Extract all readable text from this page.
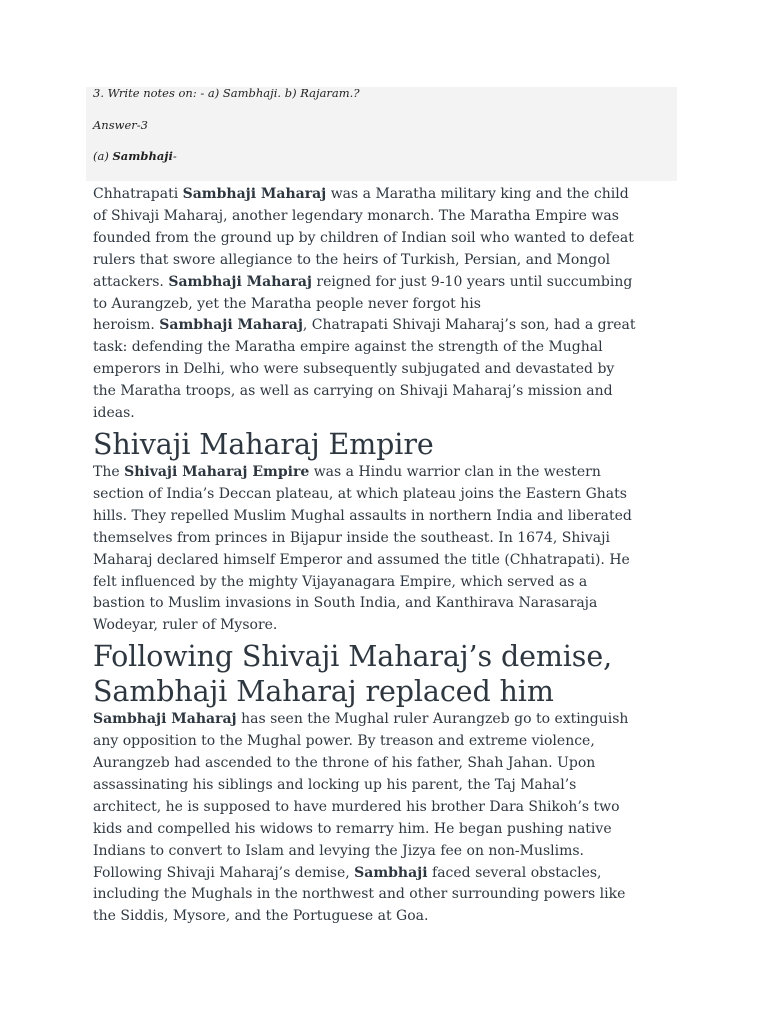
3. Write notes on: - a) Sambhaji. b) Rajaram.?
Answer-3
(a) Sambhaji-

Chhatrapati Sambhaji Maharaj was a Maratha military king and the child
of Shivaji Maharaj, another legendary monarch. The Maratha Empire was
founded from the ground up by children of Indian soil who wanted to defeat
rulers that swore allegiance to the heirs of Turkish, Persian, and Mongol
attackers. Sambhaji Maharaj reigned for just 9-10 years until succumbing
to Aurangzeb, yet the Maratha people never forgot his
heroism. Sambhaji Maharaj, Chatrapati Shivaji Maharaj’s son, had a great
task: defending the Maratha empire against the strength of the Mughal
emperors in Delhi, who were subsequently subjugated and devastated by
the Maratha troops, as well as carrying on Shivaji Maharaj’s mission and
ideas.

Shivaji Maharaj Empire

The Shivaji Maharaj Empire was a Hindu warrior clan in the western
section of India’s Deccan plateau, at which plateau joins the Eastern Ghats
hills. They repelled Muslim Mughal assaults in northern India and liberated
themselves from princes in Bijapur inside the southeast. In 1674, Shivaji
Maharaj declared himself Emperor and assumed the title (Chhatrapati). He
felt influenced by the mighty Vijayanagara Empire, which served as a
bastion to Muslim invasions in South India, and Kanthirava Narasaraja
Wodeyar, ruler of Mysore.

Following Shivaji Maharaj’s demise,
Sambhaji Maharaj replaced him

Sambhaji Maharaj has seen the Mughal ruler Aurangzeb go to extinguish
any opposition to the Mughal power. By treason and extreme violence,
Aurangzeb had ascended to the throne of his father, Shah Jahan. Upon
assassinating his siblings and locking up his parent, the Taj Mahal’s
architect, he is supposed to have murdered his brother Dara Shikoh’s two
kids and compelled his widows to remarry him. He began pushing native
Indians to convert to Islam and levying the Jizya fee on non-Muslims.
Following Shivaji Maharaj’s demise, Sambhaji faced several obstacles,
including the Mughals in the northwest and other surrounding powers like
the Siddis, Mysore, and the Portuguese at Goa.
